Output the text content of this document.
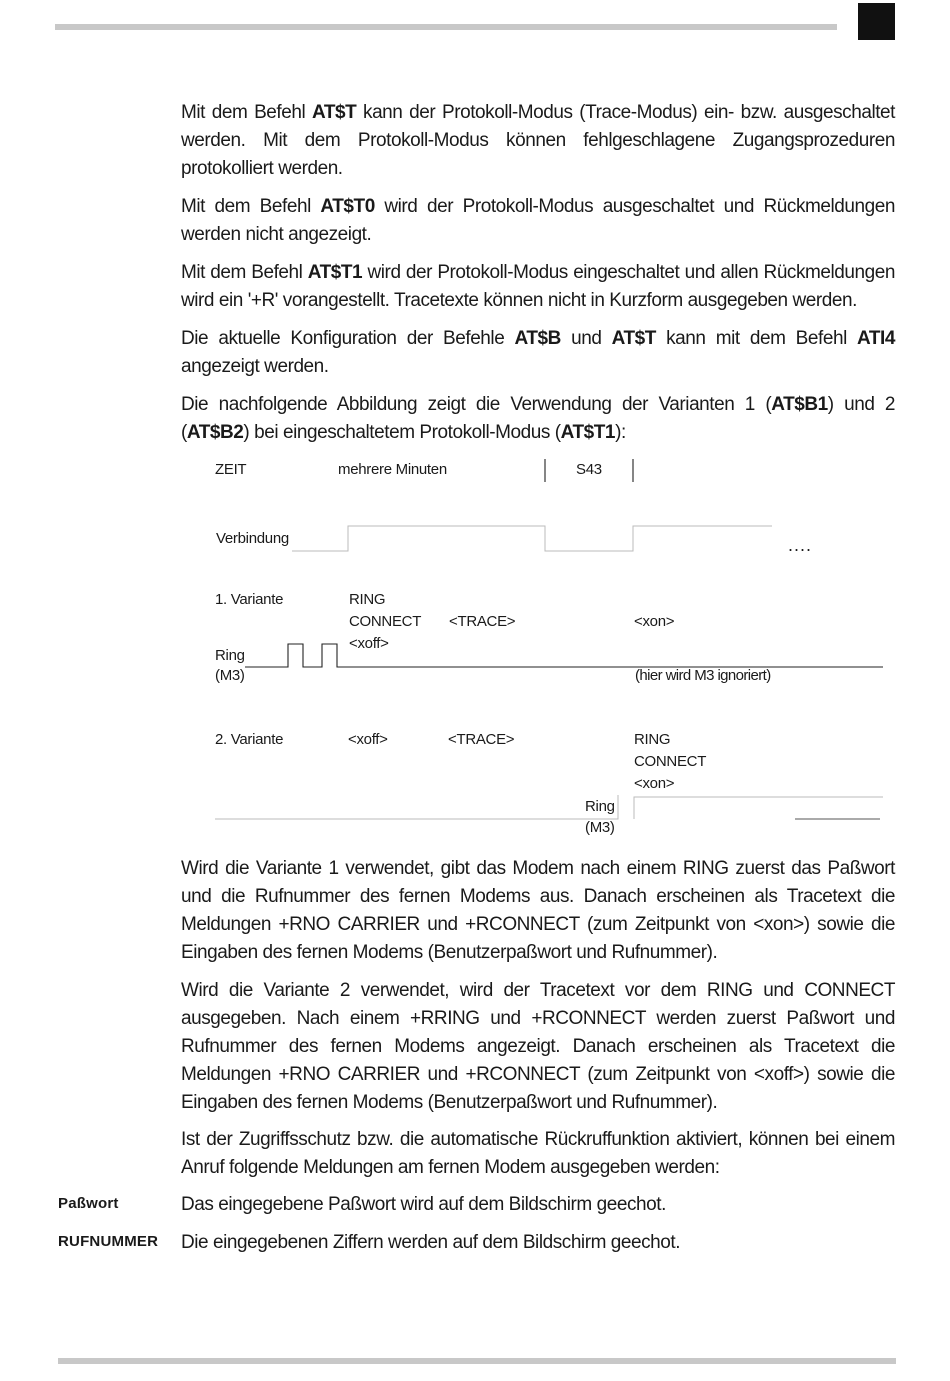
Mit dem Befehl AT$T kann der Protokoll-Modus (Trace-Modus) ein- bzw. ausgeschaltet werden. Mit dem Protokoll-Modus können fehlgeschlagene Zugangsprozeduren protokolliert werden.

Mit dem Befehl AT$T0 wird der Protokoll-Modus ausgeschaltet und Rückmeldungen werden nicht angezeigt.

Mit dem Befehl AT$T1 wird der Protokoll-Modus eingeschaltet und allen Rückmeldungen wird ein '+R' vorangestellt. Tracetexte können nicht in Kurzform ausgegeben werden.

Die aktuelle Konfiguration der Befehle AT$B und AT$T kann mit dem Befehl ATI4 angezeigt werden.

Die nachfolgende Abbildung zeigt die Verwendung der Varianten 1 (AT$B1) und 2 (AT$B2) bei eingeschaltetem Protokoll-Modus (AT$T1):

ZEIT	mehrere Minuten	S43
Verbindung	....
1. Variante	RING
CONNECT
<xoff>
<TRACE>	<xon>
Ring
(M3)	(hier wird M3 ignoriert)
2. Variante	<xoff>	<TRACE>	RING
CONNECT
<xon>
Ring
(M3)

Wird die Variante 1 verwendet, gibt das Modem nach einem RING zuerst das Paßwort und die Rufnummer des fernen Modems aus. Danach erscheinen als Tracetext die Meldungen +RNO CARRIER und +RCONNECT (zum Zeitpunkt von <xon>) sowie die Eingaben des fernen Modems (Benutzerpaßwort und Rufnummer).

Wird die Variante 2 verwendet, wird der Tracetext vor dem RING und CONNECT ausgegeben. Nach einem +RRING und +RCONNECT werden zuerst Paßwort und Rufnummer des fernen Modems angezeigt. Danach erscheinen als Tracetext die Meldungen +RNO CARRIER und +RCONNECT (zum Zeitpunkt von <xoff>) sowie die Eingaben des fernen Modems (Benutzerpaßwort und Rufnummer).

Ist der Zugriffsschutz bzw. die automatische Rückruffunktion aktiviert, können bei einem Anruf folgende Meldungen am fernen Modem ausgegeben werden:

Paßwort	Das eingegebene Paßwort wird auf dem Bildschirm geechot.

RUFNUMMER Die eingegebenen Ziffern werden auf dem Bildschirm geechot.
